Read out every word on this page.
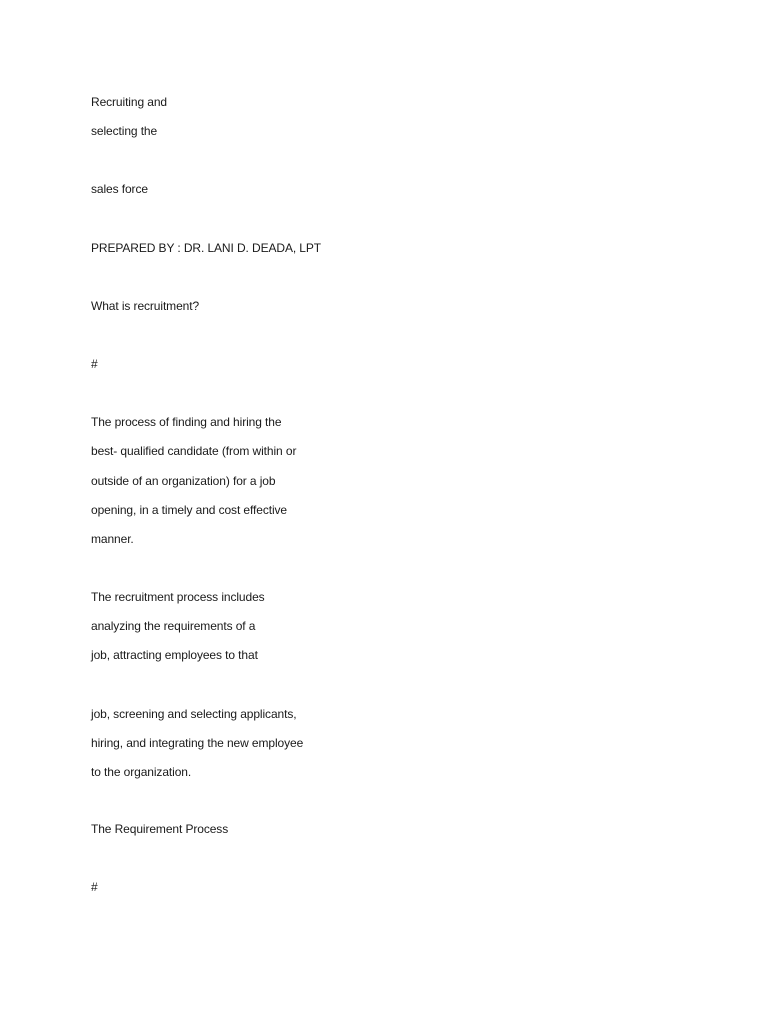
Recruiting and
selecting the
sales force
PREPARED BY : DR. LANI D. DEADA, LPT
What is recruitment?
#
The process of finding and hiring the
best- qualified candidate (from within or
outside of an organization) for a job
opening, in a timely and cost effective
manner.
The recruitment process includes
analyzing the requirements of a
job, attracting employees to that
job, screening and selecting applicants,
hiring, and integrating the new employee
to the organization.
The Requirement Process
#
